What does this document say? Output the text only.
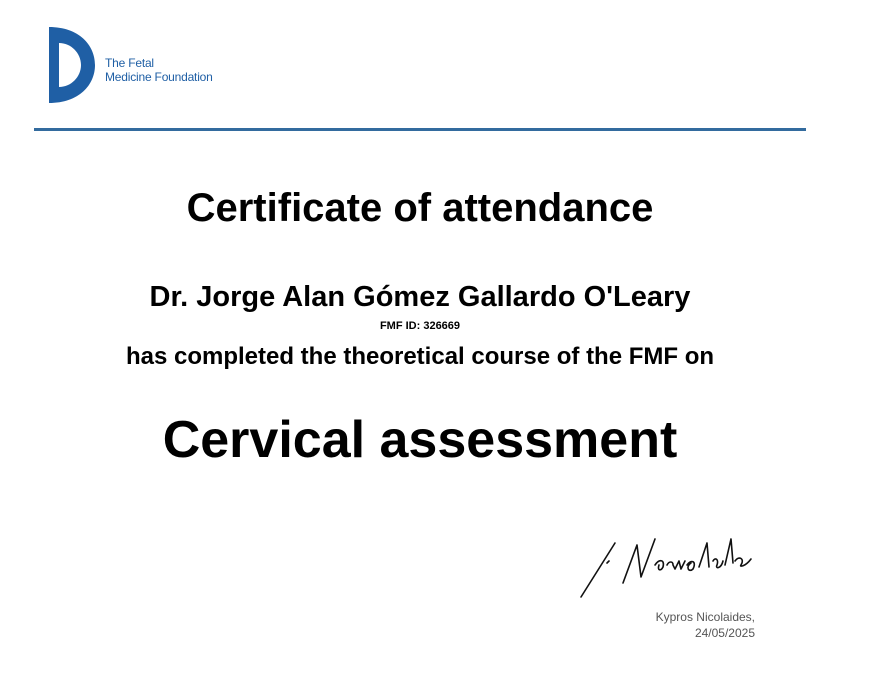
The Fetal
Medicine Foundation
Certificate of attendance
Dr. Jorge Alan Gómez Gallardo O'Leary
FMF ID: 326669
has completed the theoretical course of the FMF on
Cervical assessment
Kypros Nicolaides,
24/05/2025
